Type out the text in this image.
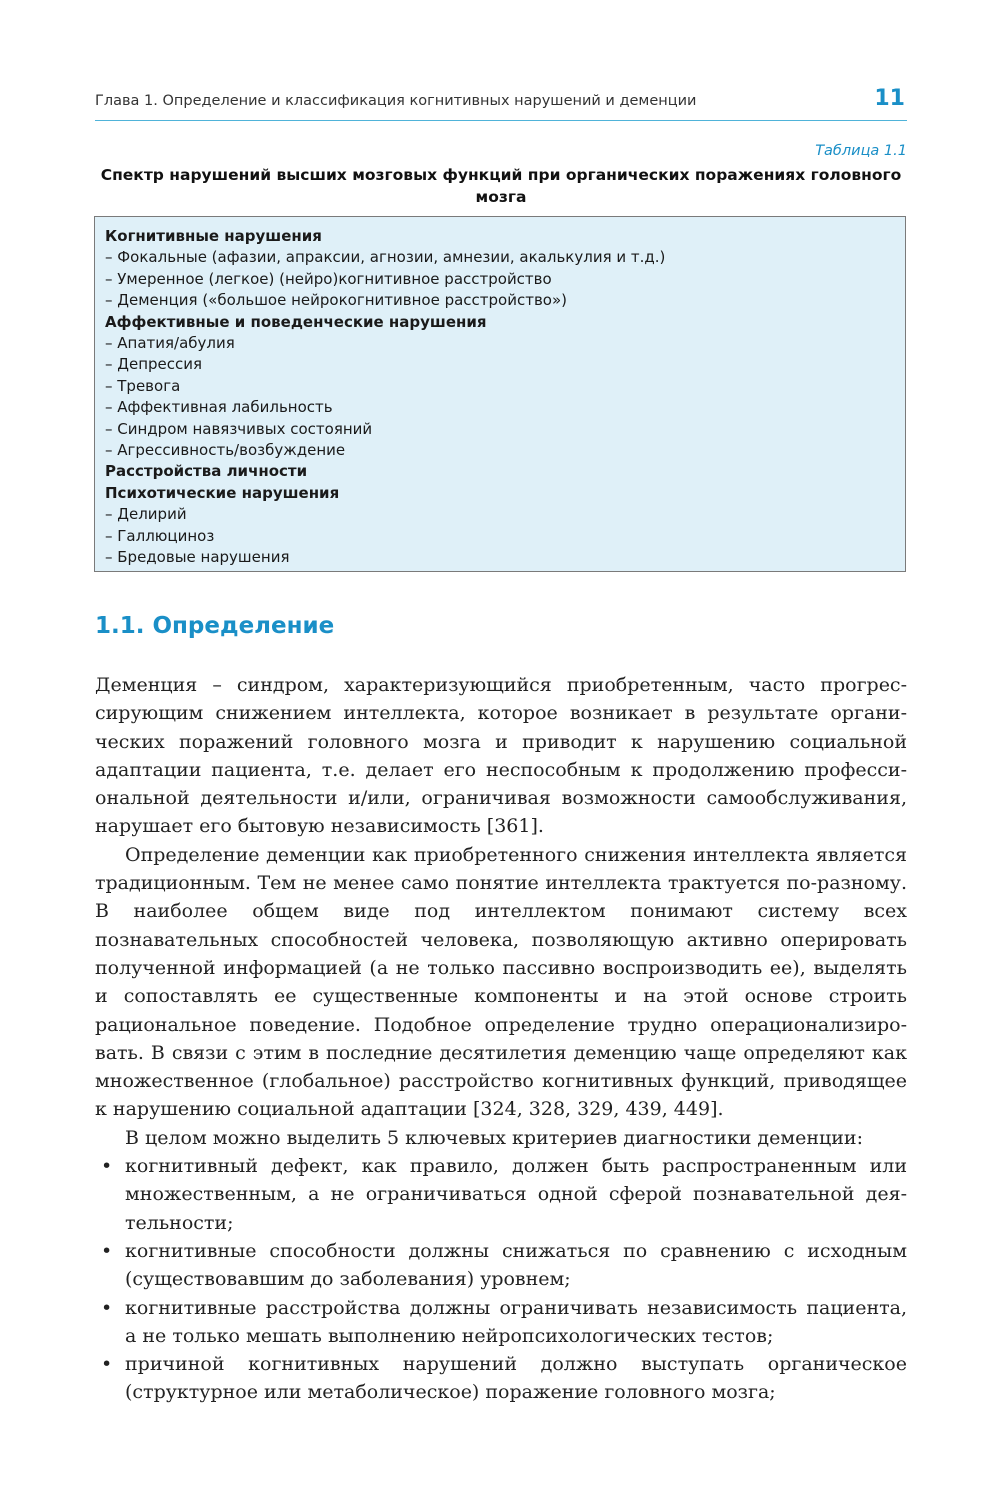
Глава 1. Определение и классификация когнитивных нарушений и деменции	11
Таблица 1.1
Спектр нарушений высших мозговых функций при органических поражениях головного мозга
Когнитивные нарушения
– Фокальные (афазии, апраксии, агнозии, амнезии, акалькулия и т.д.)
– Умеренное (легкое) (нейро)когнитивное расстройство
– Деменция («большое нейрокогнитивное расстройство»)
Аффективные и поведенческие нарушения
– Апатия/абулия
– Депрессия
– Тревога
– Аффективная лабильность
– Синдром навязчивых состояний
– Агрессивность/возбуждение
Расстройства личности
Психотические нарушения
– Делирий
– Галлюциноз
– Бредовые нарушения
1.1. Определение

Деменция – синдром, характеризующийся приобретенным, часто прогрессирующим снижением интеллекта, которое возникает в результате органических поражений головного мозга и приводит к нарушению социальной адаптации пациента, т.е. делает его неспособным к продолжению профессиональной деятельности и/или, ограничивая возможности самообслуживания, нарушает его бытовую независимость [361].

Определение деменции как приобретенного снижения интеллекта является традиционным. Тем не менее само понятие интеллекта трактуется по-разному. В наиболее общем виде под интеллектом понимают систему всех познавательных способностей человека, позволяющую активно оперировать полученной информацией (а не только пассивно воспроизводить ее), выделять и сопоставлять ее существенные компоненты и на этой основе строить рациональное поведение. Подобное определение трудно операционализировать. В связи с этим в последние десятилетия деменцию чаще определяют как множественное (глобальное) расстройство когнитивных функций, приводящее к нарушению социальной адаптации [324, 328, 329, 439, 449].

В целом можно выделить 5 ключевых критериев диагностики деменции:

• когнитивный дефект, как правило, должен быть распространенным или множественным, а не ограничиваться одной сферой познавательной деятельности;
• когнитивные способности должны снижаться по сравнению с исходным (существовавшим до заболевания) уровнем;
• когнитивные расстройства должны ограничивать независимость пациента, а не только мешать выполнению нейропсихологических тестов;
• причиной когнитивных нарушений должно выступать органическое (структурное или метаболическое) поражение головного мозга;
